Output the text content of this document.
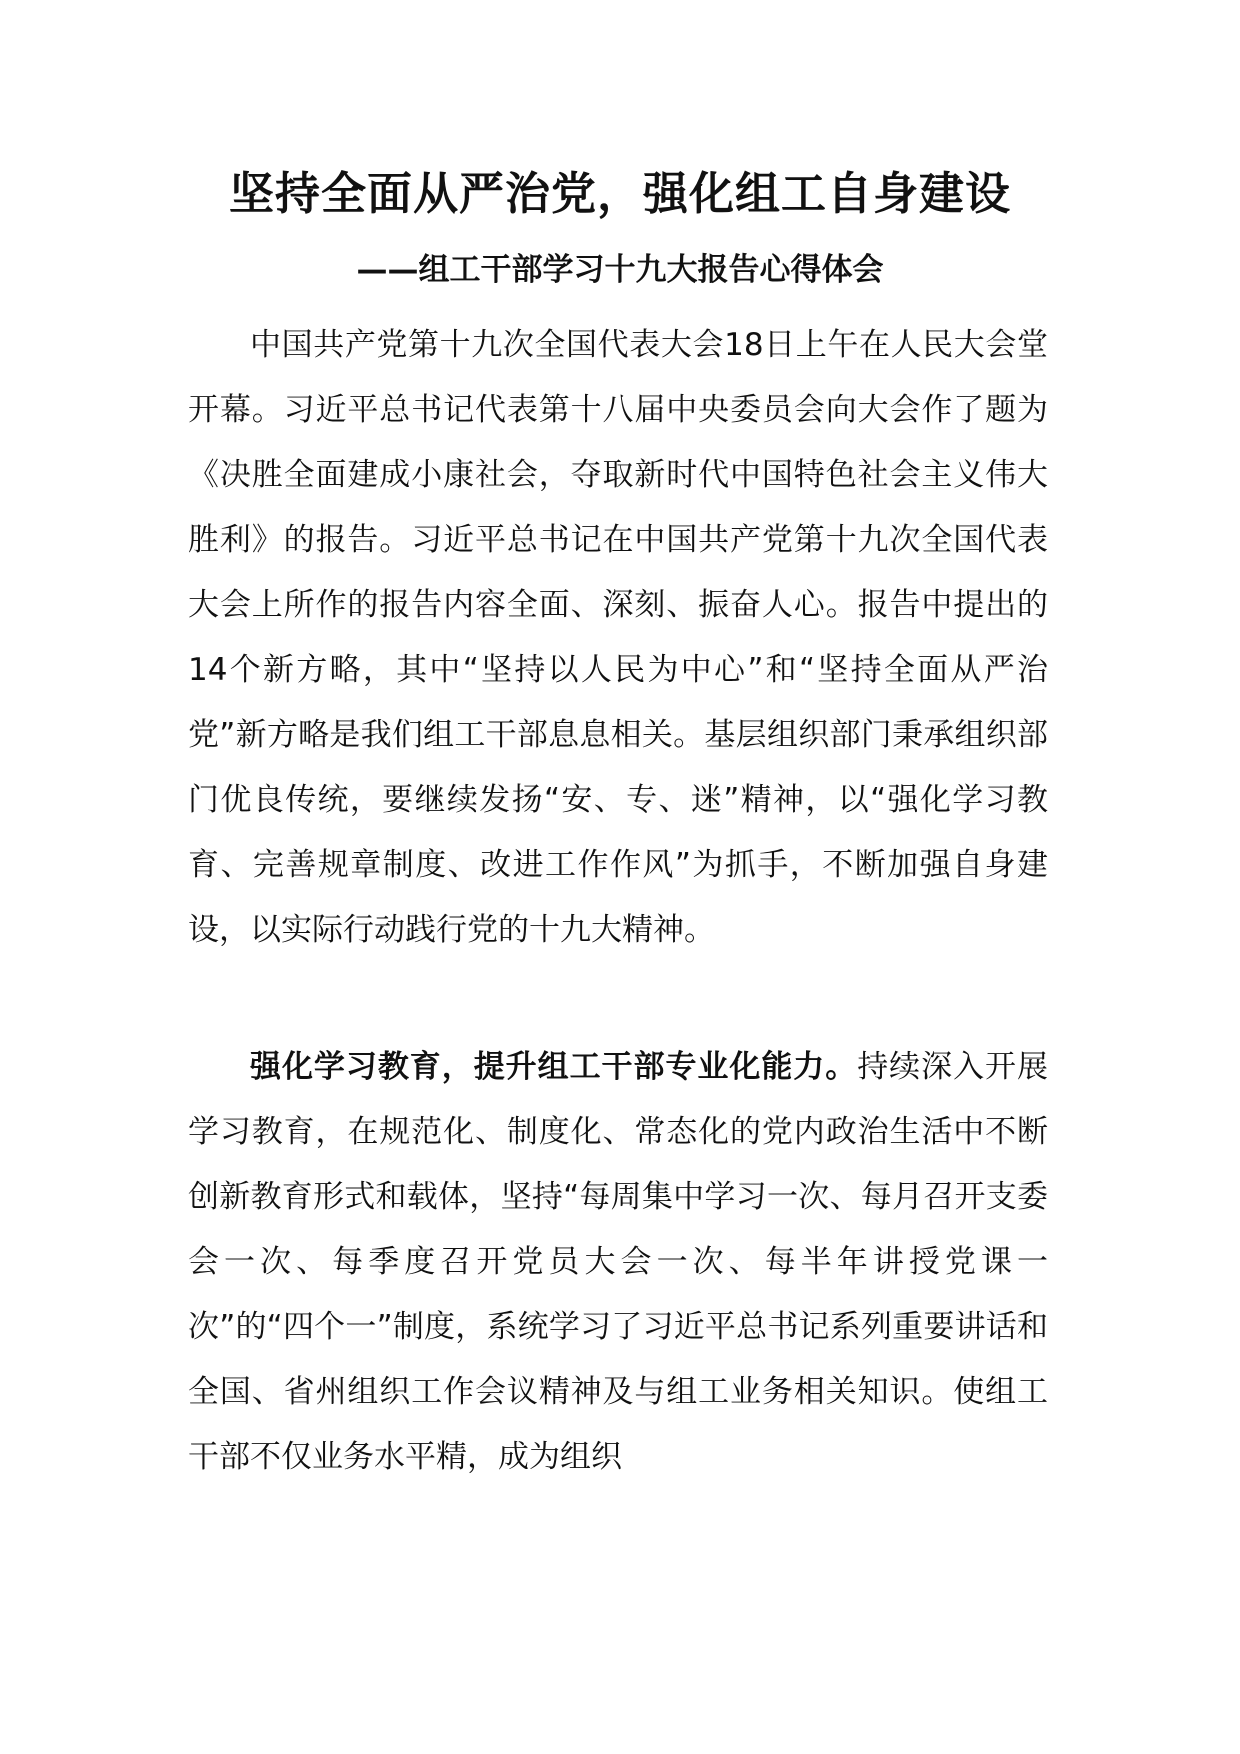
坚持全面从严治党，强化组工自身建设
——组工干部学习十九大报告心得体会

中国共产党第十九次全国代表大会18日上午在人民大会堂开幕。习近平总书记代表第十八届中央委员会向大会作了题为《决胜全面建成小康社会，夺取新时代中国特色社会主义伟大胜利》的报告。习近平总书记在中国共产党第十九次全国代表大会上所作的报告内容全面、深刻、振奋人心。报告中提出的14个新方略，其中“坚持以人民为中心”和“坚持全面从严治党”新方略是我们组工干部息息相关。基层组织部门秉承组织部门优良传统，要继续发扬“安、专、迷”精神，以“强化学习教育、完善规章制度、改进工作作风”为抓手，不断加强自身建设，以实际行动践行党的十九大精神。

强化学习教育，提升组工干部专业化能力。持续深入开展学习教育，在规范化、制度化、常态化的党内政治生活中不断创新教育形式和载体，坚持“每周集中学习一次、每月召开支委会一次、每季度召开党员大会一次、每半年讲授党课一次”的“四个一”制度，系统学习了习近平总书记系列重要讲话和全国、省州组织工作会议精神及与组工业务相关知识。使组工干部不仅业务水平精，成为组织
